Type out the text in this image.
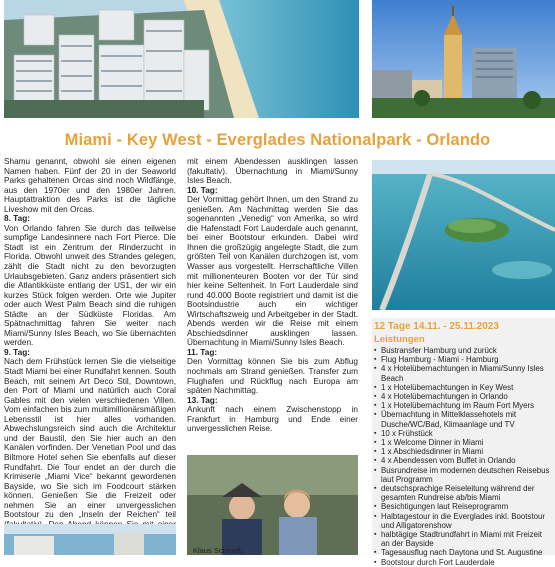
Miami - Key West - Everglades Nationalpark - Orlando

Shamu genannt, obwohl sie einen eigenen Namen haben. Fünf der 20 in der Seaworld Parks gehaltenen Orcas sind noch Wildfänge, aus den 1970er und den 1980er Jahren. Hauptattraktion des Parks ist die tägliche Liveshow mit den Orcas.

8. Tag:

Von Orlando fahren Sie durch das teilweise sumpfige Landesinnere nach Fort Pierce. Die Stadt ist ein Zentrum der Rinderzucht in Florida. Obwohl unweit des Strandes gelegen, zählt die Stadt nicht zu den bevorzugten Urlaubsgebieten. Ganz anders präsentiert sich die Atlantikküste entlang der US1, der wir ein kurzes Stück folgen werden. Orte wie Jupiter oder auch West Palm Beach sind die ruhigen Städte an der Südküste Floridas. Am Spätnachmittag fahren Sie weiter nach Miami/Sunny Isles Beach, wo Sie übernachten werden.

9. Tag:

Nach dem Frühstück lernen Sie die vielseitige Stadt Miami bei einer Rundfahrt kennen. South Beach, mit seinem Art Deco Stil, Downtown, den Port of Miami und natürlich auch Coral Gables mit den vielen verschiedenen Villen. Vom einfachen bis zum multimillionärsmäßigen Lebensstil ist hier alles vorhanden. Abwechslungsreich sind auch die Architektur und der Baustil, den Sie hier auch an den Kanälen vorfinden. Der Venetian Pool und das Biltmore Hotel sehen Sie ebenfalls auf dieser Rundfahrt. Die Tour endet an der durch die Krimiserie „Miami Vice“ bekannt gewordenen Bayside, wo Sie sich im Foodcourt stärken können. Genießen Sie die Freizeit oder nehmen Sie an einer unvergesslichen Bootstour zu den „Inseln der Reichen“ teil

mit einem Abendessen ausklingen lassen (fakultativ). Übernachtung in Miami/Sunny Isles Beach.

10. Tag:

Der Vormittag gehört Ihnen, um den Strand zu genießen. Am Nachmittag werden Sie das sogenannten „Venedig“ von Amerika, so wird die Hafenstadt Fort Lauderdale auch genannt, bei einer Bootstour erkunden. Dabei wird Ihnen die großzügig angelegte Stadt, die zum größten Teil von Kanälen durchzogen ist, vom Wasser aus vorgestellt. Herrschaftliche Villen mit millionenteuren Booten vor der Tür sind hier keine Seltenheit. In Fort Lauderdale sind rund 40.000 Boote registriert und damit ist die Bootsindustrie auch ein wichtiger Wirtschaftszweig und Arbeitgeber in der Stadt. Abends werden wir die Reise mit einem Abschiedsdinner ausklingen lassen. Übernachtung in Miami/Sunny Isles Beach.

11. Tag:

Den Vormittag können Sie bis zum Abflug nochmals am Strand genießen. Transfer zum Flughafen und Rückflug nach Europa am späten Nachmittag.

13. Tag:

Ankunft nach einem Zwischenstopp in Frankfurt in Hamburg und Ende einer unvergesslichen Reise.

Klaus Schmidt:
12 Tage 14.11. - 25.11.2023
Leistungen
▪ Bustransfer Hamburg und zurück
▪ Flug Hamburg - Miami - Hamburg
▪ 4 x Hotelübernachtungen in Miami/Sunny Isles Beach
▪ 1 x Hotelübernachtungen in Key West
▪ 4 x Hotelübernachtungen in Orlando
▪ 1 x Hotelübernachtung im Raum Fort Myers
▪ Übernachtung in Mittelklassehotels mit Dusche/WC/Bad, Klimaanlage und TV
▪ 10 x Frühstück
▪ 1 x Welcome Dinner in Miami
▪ 1 x Abschiedsdinner in Miami
▪ 4 x Abendessen vom Buffet in Orlando
▪ Busrundreise im modernen deutschen Reisebus laut Programm
▪ deutschsprachige Reiseleitung während der gesamten Rundreise ab/bis Miami
▪ Besichtigungen laut Reiseprogramm
▪ Halbtagestour in die Everglades inkl. Bootstour und Alligatorenshow
▪ halbtägige Stadtrundfahrt in Miami mit Freizeit an der Bayside
▪ Tagesausflug nach Daytona und St. Augustine
▪ Bootstour durch Fort Lauderdale
